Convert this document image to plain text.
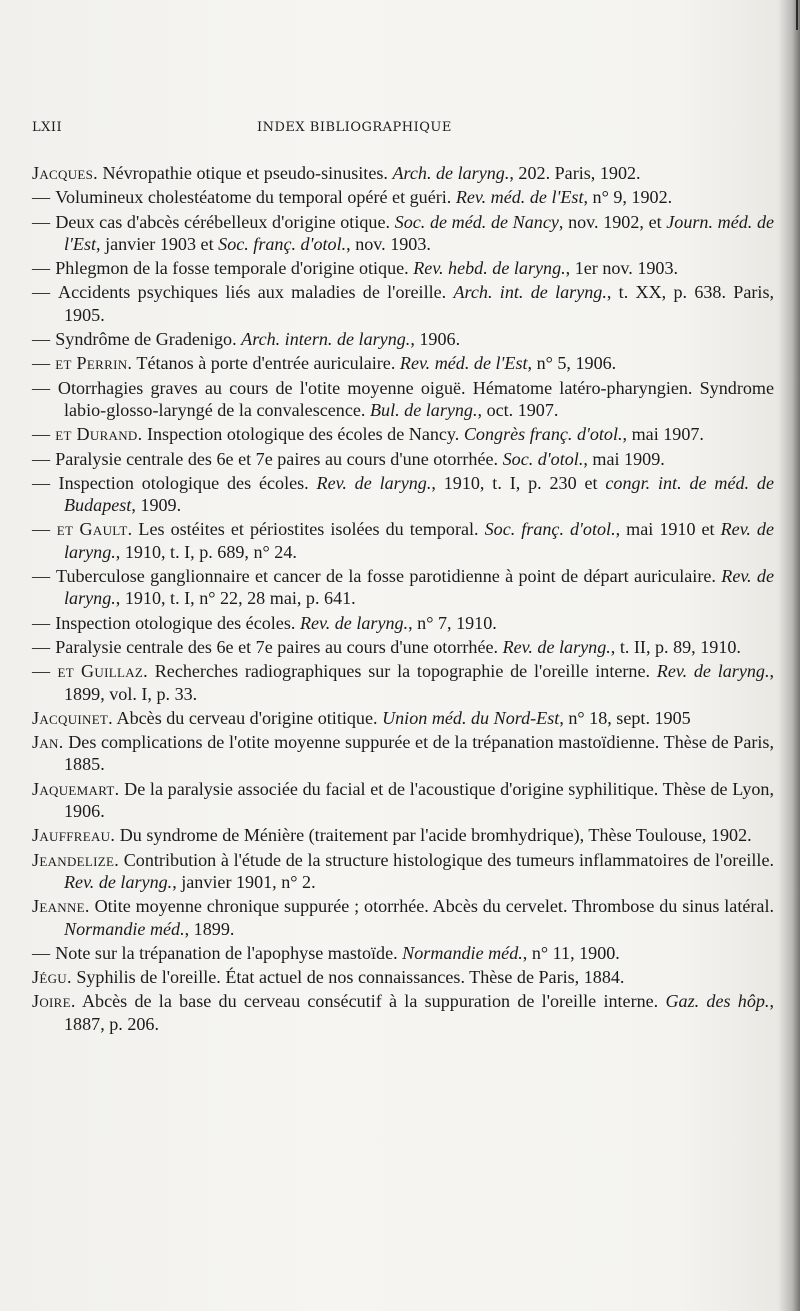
LXII	INDEX BIBLIOGRAPHIQUE

Jacques. Névropathie otique et pseudo-sinusites. Arch. de laryng., 202. Paris, 1902.

— Volumineux cholestéatome du temporal opéré et guéri. Rev. méd. de l'Est, n° 9, 1902.

— Deux cas d'abcès cérébelleux d'origine otique. Soc. de méd. de Nancy, nov. 1902, et Journ. méd. de l'Est, janvier 1903 et Soc. franç. d'otol., nov. 1903.

— Phlegmon de la fosse temporale d'origine otique. Rev. hebd. de laryng., 1er nov. 1903.

— Accidents psychiques liés aux maladies de l'oreille. Arch. int. de laryng., t. XX, p. 638. Paris, 1905.

— Syndrôme de Gradenigo. Arch. intern. de laryng., 1906.

— et Perrin. Tétanos à porte d'entrée auriculaire. Rev. méd. de l'Est, n° 5, 1906.

— Otorrhagies graves au cours de l'otite moyenne oiguë. Hématome latéro-pharyngien. Syndrome labio-glosso-laryngé de la convalescence. Bul. de laryng., oct. 1907.

— et Durand. Inspection otologique des écoles de Nancy. Congrès franç. d'otol., mai 1907.

— Paralysie centrale des 6e et 7e paires au cours d'une otorrhée. Soc. d'otol., mai 1909.

— Inspection otologique des écoles. Rev. de laryng., 1910, t. I, p. 230 et congr. int. de méd. de Budapest, 1909.

— et Gault. Les ostéites et périostites isolées du temporal. Soc. franç. d'otol., mai 1910 et Rev. de laryng., 1910, t. I, p. 689, n° 24.

— Tuberculose ganglionnaire et cancer de la fosse parotidienne à point de départ auriculaire. Rev. de laryng., 1910, t. I, n° 22, 28 mai, p. 641.

— Inspection otologique des écoles. Rev. de laryng., n° 7, 1910.

— Paralysie centrale des 6e et 7e paires au cours d'une otorrhée. Rev. de laryng., t. II, p. 89, 1910.

— et Guillaz. Recherches radiographiques sur la topographie de l'oreille interne. Rev. de laryng., 1899, vol. I, p. 33.

Jacquinet. Abcès du cerveau d'origine otitique. Union méd. du Nord-Est, n° 18, sept. 1905

Jan. Des complications de l'otite moyenne suppurée et de la trépanation mastoïdienne. Thèse de Paris, 1885.

Jaquemart. De la paralysie associée du facial et de l'acoustique d'origine syphilitique. Thèse de Lyon, 1906.

Jauffreau. Du syndrome de Ménière (traitement par l'acide bromhydrique), Thèse Toulouse, 1902.

Jeandelize. Contribution à l'étude de la structure histologique des tumeurs inflammatoires de l'oreille. Rev. de laryng., janvier 1901, n° 2.

Jeanne. Otite moyenne chronique suppurée ; otorrhée. Abcès du cervelet. Thrombose du sinus latéral. Normandie méd., 1899.

— Note sur la trépanation de l'apophyse mastoïde. Normandie méd., n° 11, 1900.

Jégu. Syphilis de l'oreille. État actuel de nos connaissances. Thèse de Paris, 1884.

Joire. Abcès de la base du cerveau consécutif à la suppuration de l'oreille interne. Gaz. des hôp., 1887, p. 206.
